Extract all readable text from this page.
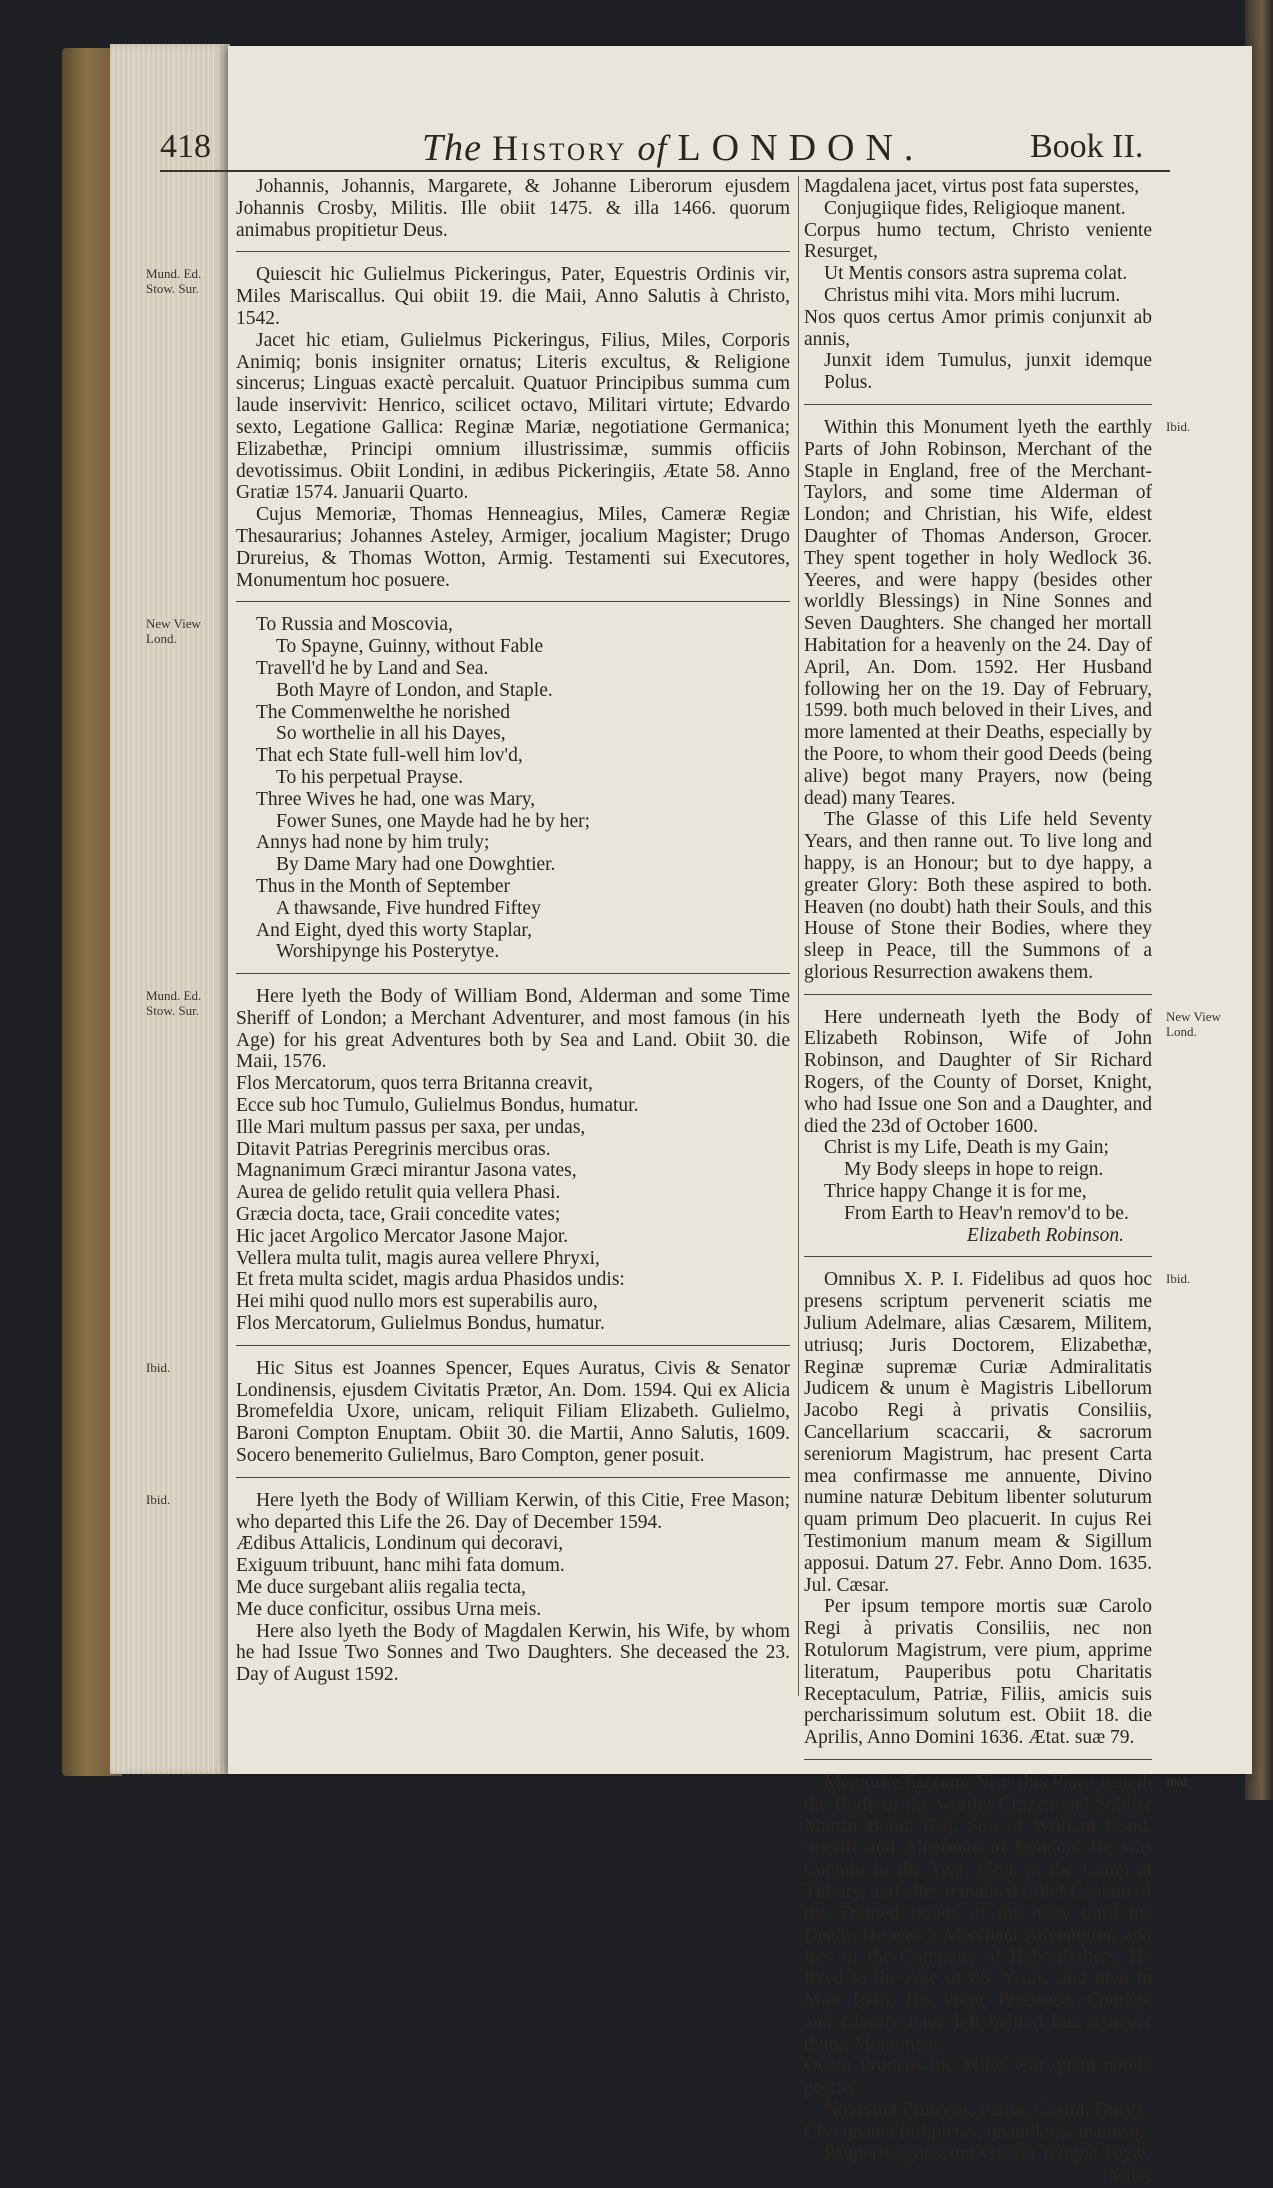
418	The History of LONDON.	Book II.

Johannis, Johannis, Margarete, & Johanne Liberorum ejusdem Johannis Crosby, Militis. Ille obiit 1475. & illa 1466. quorum animabus propitietur Deus.

Mund. Ed.
Stow. Sur.

Quiescit hic Gulielmus Pickeringus, Pater, Equestris Ordinis vir, Miles Mariscallus. Qui obiit 19. die Maii, Anno Salutis à Christo, 1542.

Jacet hic etiam, Gulielmus Pickeringus, Filius, Miles, Corporis Animiq; bonis insigniter ornatus; Literis excultus, & Religione sincerus; Linguas exactè percaluit. Quatuor Principibus summa cum laude inservivit: Henrico, scilicet octavo, Militari virtute; Edvardo sexto, Legatione Gallica: Reginæ Mariæ, negotiatione Germanica; Elizabethæ, Principi omnium illustrissimæ, summis officiis devotissimus. Obiit Londini, in ædibus Pickeringiis, Ætate 58. Anno Gratiæ 1574. Januarii Quarto.

Cujus Memoriæ, Thomas Henneagius, Miles, Cameræ Regiæ Thesaurarius; Johannes Asteley, Armiger, jocalium Magister; Drugo Drureius, & Thomas Wotton, Armig. Testamenti sui Executores, Monumentum hoc posuere.

New View
Lond.

To Russia and Moscovia,

To Spayne, Guinny, without Fable

Travell'd he by Land and Sea.

Both Mayre of London, and Staple.

The Commenwelthe he norished

So worthelie in all his Dayes,

That ech State full-well him lov'd,

To his perpetual Prayse.

Three Wives he had, one was Mary,

Fower Sunes, one Mayde had he by her;

Annys had none by him truly;

By Dame Mary had one Dowghtier.

Thus in the Month of September

A thawsande, Five hundred Fiftey

And Eight, dyed this worty Staplar,

Worshipynge his Posterytye.

Mund. Ed.
Stow. Sur.

Here lyeth the Body of William Bond, Alderman and some Time Sheriff of London; a Merchant Adventurer, and most famous (in his Age) for his great Adventures both by Sea and Land. Obiit 30. die Maii, 1576.

Flos Mercatorum, quos terra Britanna creavit,

Ecce sub hoc Tumulo, Gulielmus Bondus, humatur.

Ille Mari multum passus per saxa, per undas,

Ditavit Patrias Peregrinis mercibus oras.

Magnanimum Græci mirantur Jasona vates,

Aurea de gelido retulit quia vellera Phasi.

Græcia docta, tace, Graii concedite vates;

Hic jacet Argolico Mercator Jasone Major.

Vellera multa tulit, magis aurea vellere Phryxi,

Et freta multa scidet, magis ardua Phasidos undis:

Hei mihi quod nullo mors est superabilis auro,

Flos Mercatorum, Gulielmus Bondus, humatur.

Ibid.	Hic Situs est Joannes Spencer, Eques Auratus, Civis & Senator Londinensis, ejusdem Civitatis Prætor, An. Dom. 1594. Qui ex Alicia Bromefeldia Uxore, unicam, reliquit Filiam Elizabeth. Gulielmo, Baroni Compton Enuptam. Obiit 30. die Martii, Anno Salutis, 1609. Socero benemerito Gulielmus, Baro Compton, gener posuit.

Ibid.	Here lyeth the Body of William Kerwin, of this Citie, Free Mason; who departed this Life the 26. Day of December 1594.

Ædibus Attalicis, Londinum qui decoravi,

Exiguum tribuunt, hanc mihi fata domum.

Me duce surgebant aliis regalia tecta,

Me duce conficitur, ossibus Urna meis.

Here also lyeth the Body of Magdalen Kerwin, his Wife, by whom he had Issue Two Sonnes and Two Daughters. She deceased the 23. Day of August 1592.

Magdalena jacet, virtus post fata superstes,

Conjugiique fides, Religioque manent.

Corpus humo tectum, Christo veniente Resurget,

Ut Mentis consors astra suprema colat.

Christus mihi vita. Mors mihi lucrum.

Nos quos certus Amor primis conjunxit ab annis,

Junxit idem Tumulus, junxit idemque Polus.

Ibid.

Within this Monument lyeth the earthly Parts of John Robinson, Merchant of the Staple in England, free of the Merchant-Taylors, and some time Alderman of London; and Christian, his Wife, eldest Daughter of Thomas Anderson, Grocer. They spent together in holy Wedlock 36. Yeeres, and were happy (besides other worldly Blessings) in Nine Sonnes and Seven Daughters. She changed her mortall Habitation for a heavenly on the 24. Day of April, An. Dom. 1592. Her Husband following her on the 19. Day of February, 1599. both much beloved in their Lives, and more lamented at their Deaths, especially by the Poore, to whom their good Deeds (being alive) begot many Prayers, now (being dead) many Teares.

The Glasse of this Life held Seventy Years, and then ranne out. To live long and happy, is an Honour; but to dye happy, a greater Glory: Both these aspired to both. Heaven (no doubt) hath their Souls, and this House of Stone their Bodies, where they sleep in Peace, till the Summons of a glorious Resurrection awakens them.

New View
Lond.

Here underneath lyeth the Body of Elizabeth Robinson, Wife of John Robinson, and Daughter of Sir Richard Rogers, of the County of Dorset, Knight, who had Issue one Son and a Daughter, and died the 23d of October 1600.

Christ is my Life, Death is my Gain;

My Body sleeps in hope to reign.

Thrice happy Change it is for me,

From Earth to Heav'n remov'd to be.

Elizabeth Robinson.

Ibid.

Omnibus X. P. I. Fidelibus ad quos hoc presens scriptum pervenerit sciatis me Julium Adelmare, alias Cæsarem, Militem, utriusq; Juris Doctorem, Elizabethæ, Reginæ supremæ Curiæ Admiralitatis Judicem & unum è Magistris Libellorum Jacobo Regi à privatis Consiliis, Cancellarium scaccarii, & sacrorum sereniorum Magistrum, hac present Carta mea confirmasse me annuente, Divino numine naturæ Debitum libenter soluturum quam primum Deo placuerit. In cujus Rei Testimonium manum meam & Sigillum apposui. Datum 27. Febr. Anno Dom. 1635. Jul. Cæsar.

Per ipsum tempore mortis suæ Carolo Regi à privatis Consiliis, nec non Rotulorum Magistrum, vere pium, apprime literatum, Pauperibus potu Charitatis Receptaculum, Patriæ, Filiis, amicis suis percharissimum solutum est. Obiit 18. die Aprilis, Anno Domini 1636. Ætat. suæ 79.

Ibid.

Memoriæ Sacrum. Near this Place resteth the Body of the worthy Citizen and Soldier Martin Bond, Esq; Son of William Bond, Sheriff and Alderman of London. He was Captain in the Year 1588. at the Camp at Tilbury, and after remained Chief Captain of the Trained Bands of this City until his Death. He was a Merchant Adventurer, and free of the Company of Haberdashers. He lived to the Age of 85. Years, and died in May 1643. His Piety, Prudence, Courage and Charity have left behind him a never dying Monument.

Quam Prudens hic Miles erat quam nobile pectus

Noverunt Princeps, Patria, Castra, Duces.

Civi quanta fuit pietas, quam larga manusq;

Pauperis agnoscunt viscera Templa Togæ.

Miles
